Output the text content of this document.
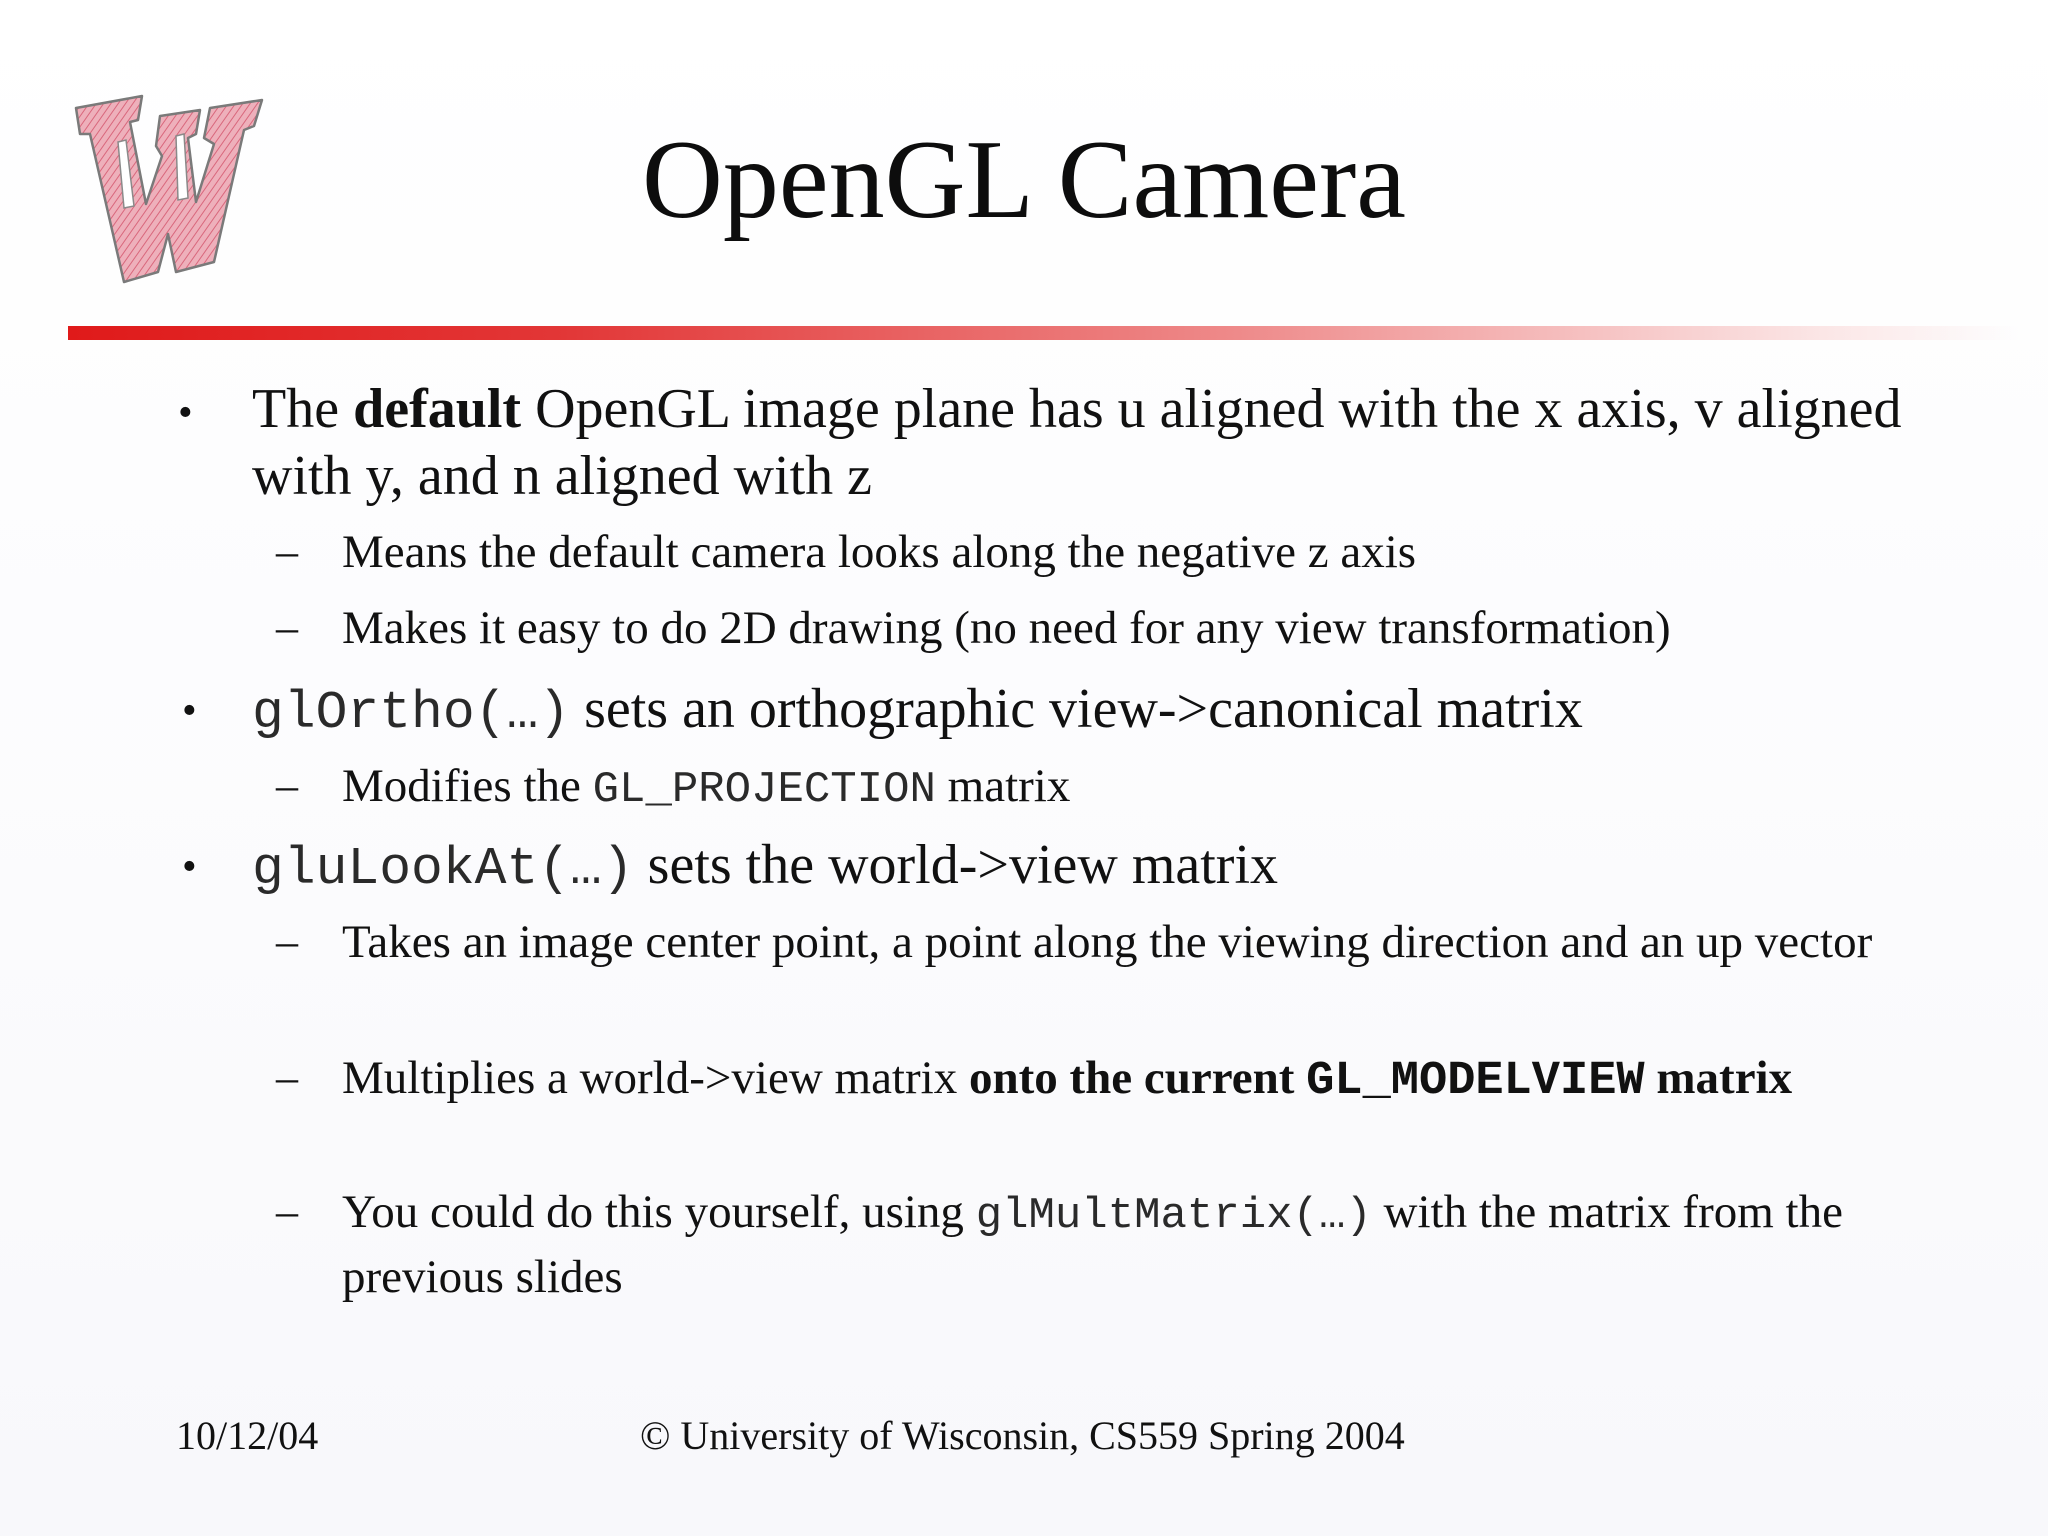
OpenGL Camera
• The default OpenGL image plane has u aligned with the x axis, v aligned with y, and n aligned with z
– Means the default camera looks along the negative z axis
– Makes it easy to do 2D drawing (no need for any view transformation)
• glOrtho(…) sets an orthographic view->canonical matrix
– Modifies the GL_PROJECTION matrix
• gluLookAt(…) sets the world->view matrix
– Takes an image center point, a point along the viewing direction and an up vector
– Multiplies a world->view matrix onto the current GL_MODELVIEW matrix
– You could do this yourself, using glMultMatrix(…) with the matrix from the previous slides
10/12/04	© University of Wisconsin, CS559 Spring 2004
